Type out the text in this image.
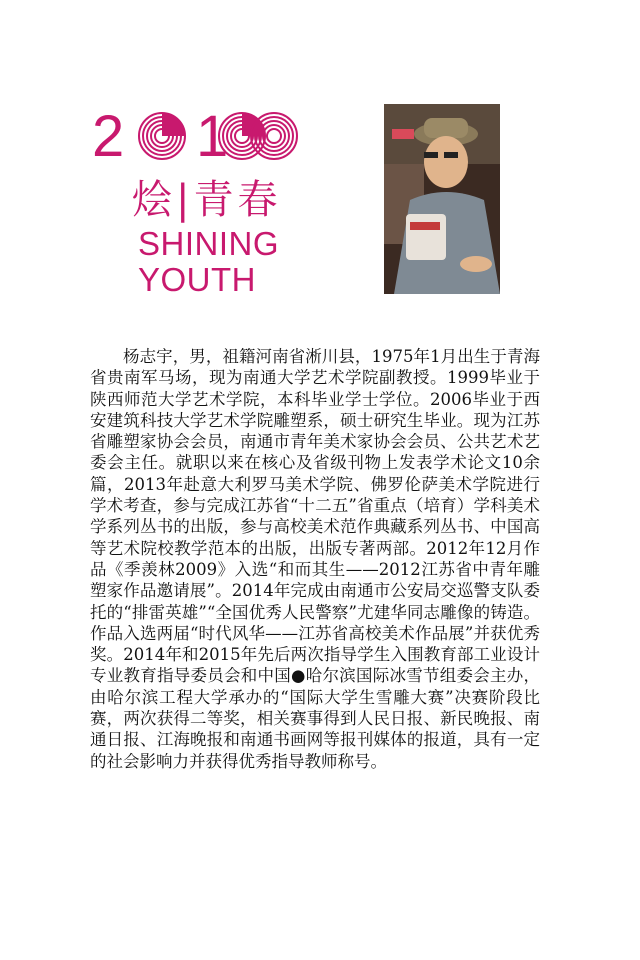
2 1
烩|青春
SHINING
YOUTH

杨志宇，男，祖籍河南省淅川县，1975年1月出生于青海省贵南军马场，现为南通大学艺术学院副教授。1999毕业于陕西师范大学艺术学院，本科毕业学士学位。2006毕业于西安建筑科技大学艺术学院雕塑系，硕士研究生毕业。现为江苏省雕塑家协会会员，南通市青年美术家协会会员、公共艺术艺委会主任。就职以来在核心及省级刊物上发表学术论文10余篇，2013年赴意大利罗马美术学院、佛罗伦萨美术学院进行学术考查，参与完成江苏省“十二五”省重点（培育）学科美术学系列丛书的出版，参与高校美术范作典藏系列丛书、中国高等艺术院校教学范本的出版，出版专著两部。2012年12月作品《季羡林2009》入选“和而其生——2012江苏省中青年雕塑家作品邀请展”。2014年完成由南通市公安局交巡警支队委托的“排雷英雄”“全国优秀人民警察”尤建华同志雕像的铸造。作品入选两届“时代风华——江苏省高校美术作品展”并获优秀奖。2014年和2015年先后两次指导学生入围教育部工业设计专业教育指导委员会和中国●哈尔滨国际冰雪节组委会主办，由哈尔滨工程大学承办的“国际大学生雪雕大赛”决赛阶段比赛，两次获得二等奖，相关赛事得到人民日报、新民晚报、南通日报、江海晚报和南通书画网等报刊媒体的报道，具有一定的社会影响力并获得优秀指导教师称号。
